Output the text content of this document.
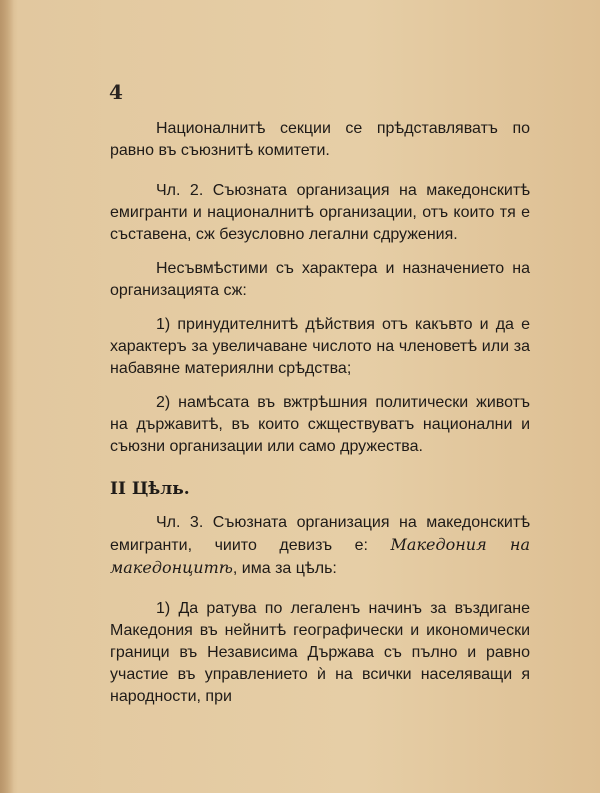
4

Националнитѣ секции се прѣдставляватъ по равно въ съюзнитѣ комитети.

Чл. 2. Съюзната организация на македонскитѣ емигранти и националнитѣ организации, отъ които тя е съставена, сж безусловно легални сдружения.

Несъвмѣстими съ характера и назначението на организацията сж:

1) принудителнитѣ дѣйствия отъ какъвто и да е характеръ за увеличаване числото на членоветѣ или за набавяне материялни срѣдства;

2) намѣсата въ вжтрѣшния политически животъ на държавитѣ, въ които сжществуватъ национални и съюзни организации или само дружества.

II Цѣль.

Чл. 3. Съюзната организация на македонскитѣ емигранти, чиито девизъ е: Македония на македонцитѣ, има за цѣль:

1) Да ратува по легаленъ начинъ за въздигане Македония въ нейнитѣ географически и икономически граници въ Независима Държава съ пълно и равно участие въ управлението ѝ на всички населяващи я народности, при
